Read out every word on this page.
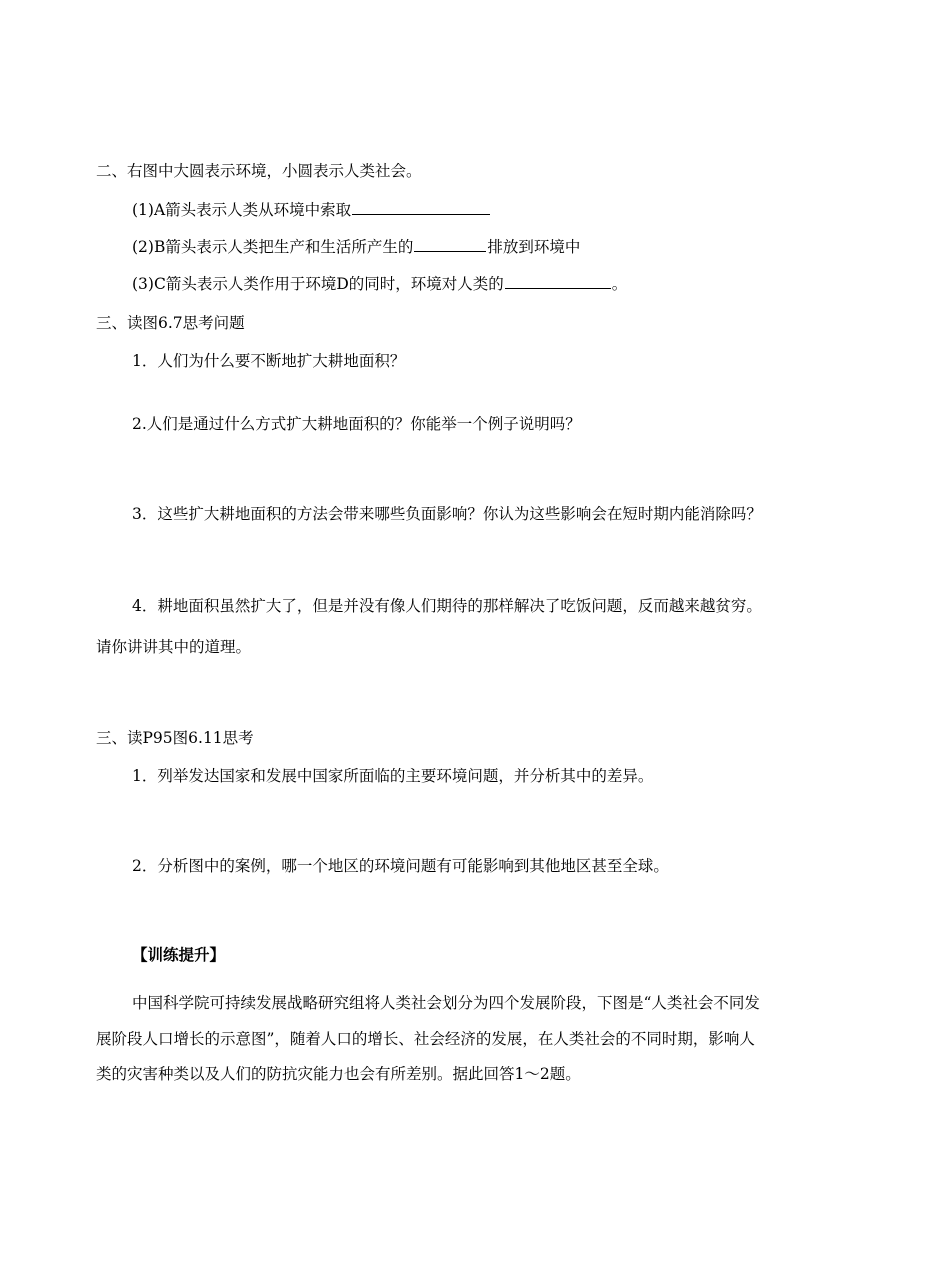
二、右图中大圆表示环境，小圆表示人类社会。
(1)A箭头表示人类从环境中索取
(2)B箭头表示人类把生产和生活所产生的	排放到环境中
(3)C箭头表示人类作用于环境D的同时，环境对人类的	。
三、读图6.7思考问题
1．人们为什么要不断地扩大耕地面积？
2.人们是通过什么方式扩大耕地面积的？你能举一个例子说明吗？
3．这些扩大耕地面积的方法会带来哪些负面影响？你认为这些影响会在短时期内能消除吗？
4．耕地面积虽然扩大了，但是并没有像人们期待的那样解决了吃饭问题，反而越来越贫穷。
请你讲讲其中的道理。
三、读P95图6.11思考
1．列举发达国家和发展中国家所面临的主要环境问题，并分析其中的差异。
2．分析图中的案例，哪一个地区的环境问题有可能影响到其他地区甚至全球。
【训练提升】
中国科学院可持续发展战略研究组将人类社会划分为四个发展阶段，下图是“人类社会不同发
展阶段人口增长的示意图”，随着人口的增长、社会经济的发展，在人类社会的不同时期，影响人
类的灾害种类以及人们的防抗灾能力也会有所差别。据此回答1～2题。
